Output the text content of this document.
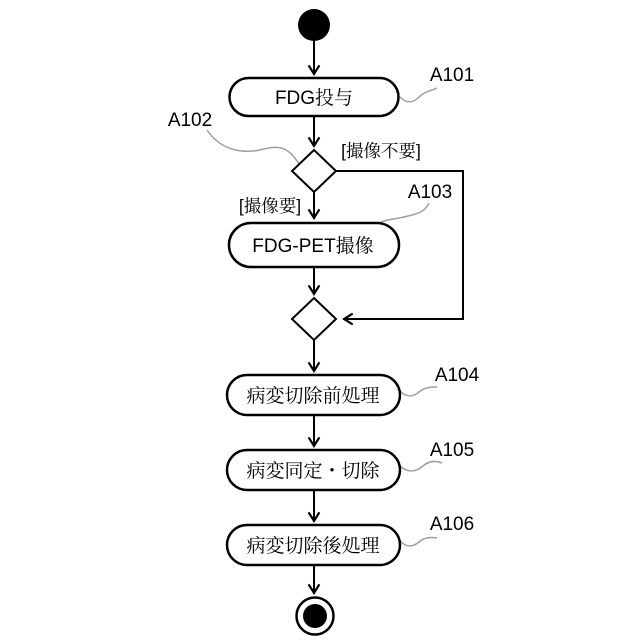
FDG投与
FDG-PET撮像
病変切除前処理
病変同定・切除
病変切除後処理
[撮像不要]
[撮像要]
A101
A102
A103
A104
A105
A106
